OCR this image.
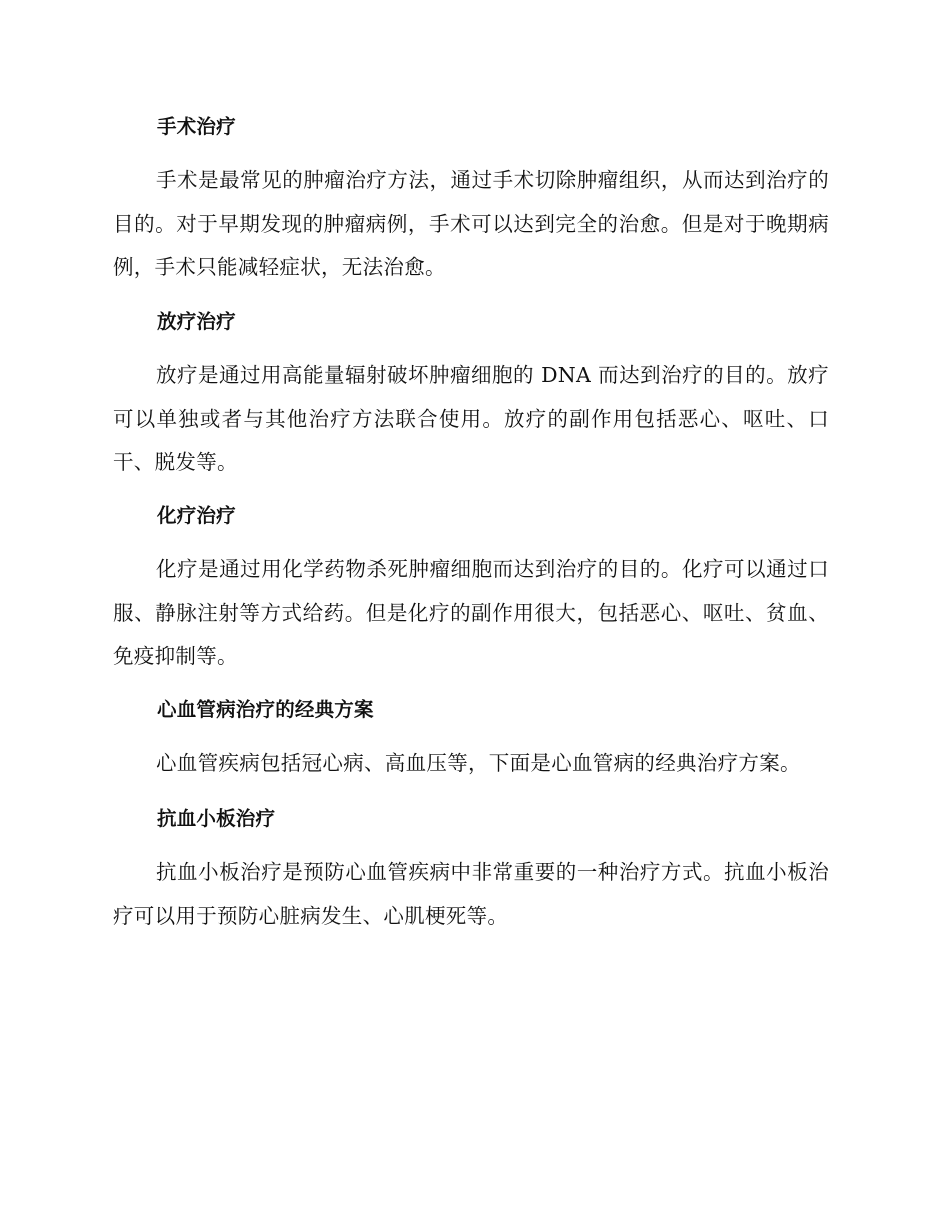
手术治疗

手术是最常见的肿瘤治疗方法，通过手术切除肿瘤组织，从而达到治疗的目的。对于早期发现的肿瘤病例，手术可以达到完全的治愈。但是对于晚期病例，手术只能减轻症状，无法治愈。

放疗治疗

放疗是通过用高能量辐射破坏肿瘤细胞的 DNA 而达到治疗的目的。放疗可以单独或者与其他治疗方法联合使用。放疗的副作用包括恶心、呕吐、口干、脱发等。

化疗治疗

化疗是通过用化学药物杀死肿瘤细胞而达到治疗的目的。化疗可以通过口服、静脉注射等方式给药。但是化疗的副作用很大，包括恶心、呕吐、贫血、免疫抑制等。

心血管病治疗的经典方案

心血管疾病包括冠心病、高血压等，下面是心血管病的经典治疗方案。

抗血小板治疗

抗血小板治疗是预防心血管疾病中非常重要的一种治疗方式。抗血小板治疗可以用于预防心脏病发生、心肌梗死等。
